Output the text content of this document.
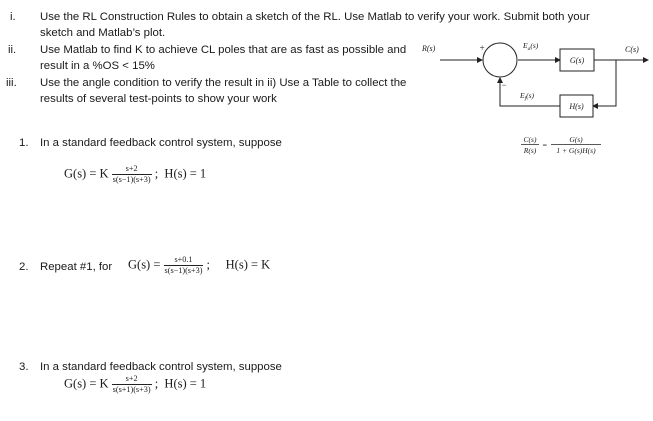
i. Use the RL Construction Rules to obtain a sketch of the RL. Use Matlab to verify your work. Submit both your
sketch and Matlab’s plot.
ii. Use Matlab to find K to achieve CL poles that are as fast as possible and
result in a %OS < 15%
iii. Use the angle condition to verify the result in ii) Use a Table to collect the
results of several test-points to show your work
R(s)	+
−
$E_a(s)$
G(s)
C(s)
H(s)
$E_f(s)$
C(s)
R(s)
=
G(s)
1 + G(s)H(s)
1. In a standard feedback control system, suppose
G(s) = K $\frac{s+2}{s(s-1)(s+3)}$ ;  H(s) = 1
2. Repeat #1, for $G(s) = \frac{s+0.1}{s(s-1)(s+3)}$ ;     H(s) = K
3. In a standard feedback control system, suppose
G(s) = K $\frac{s+2}{s(s+1)(s+3)}$ ;  H(s) = 1
